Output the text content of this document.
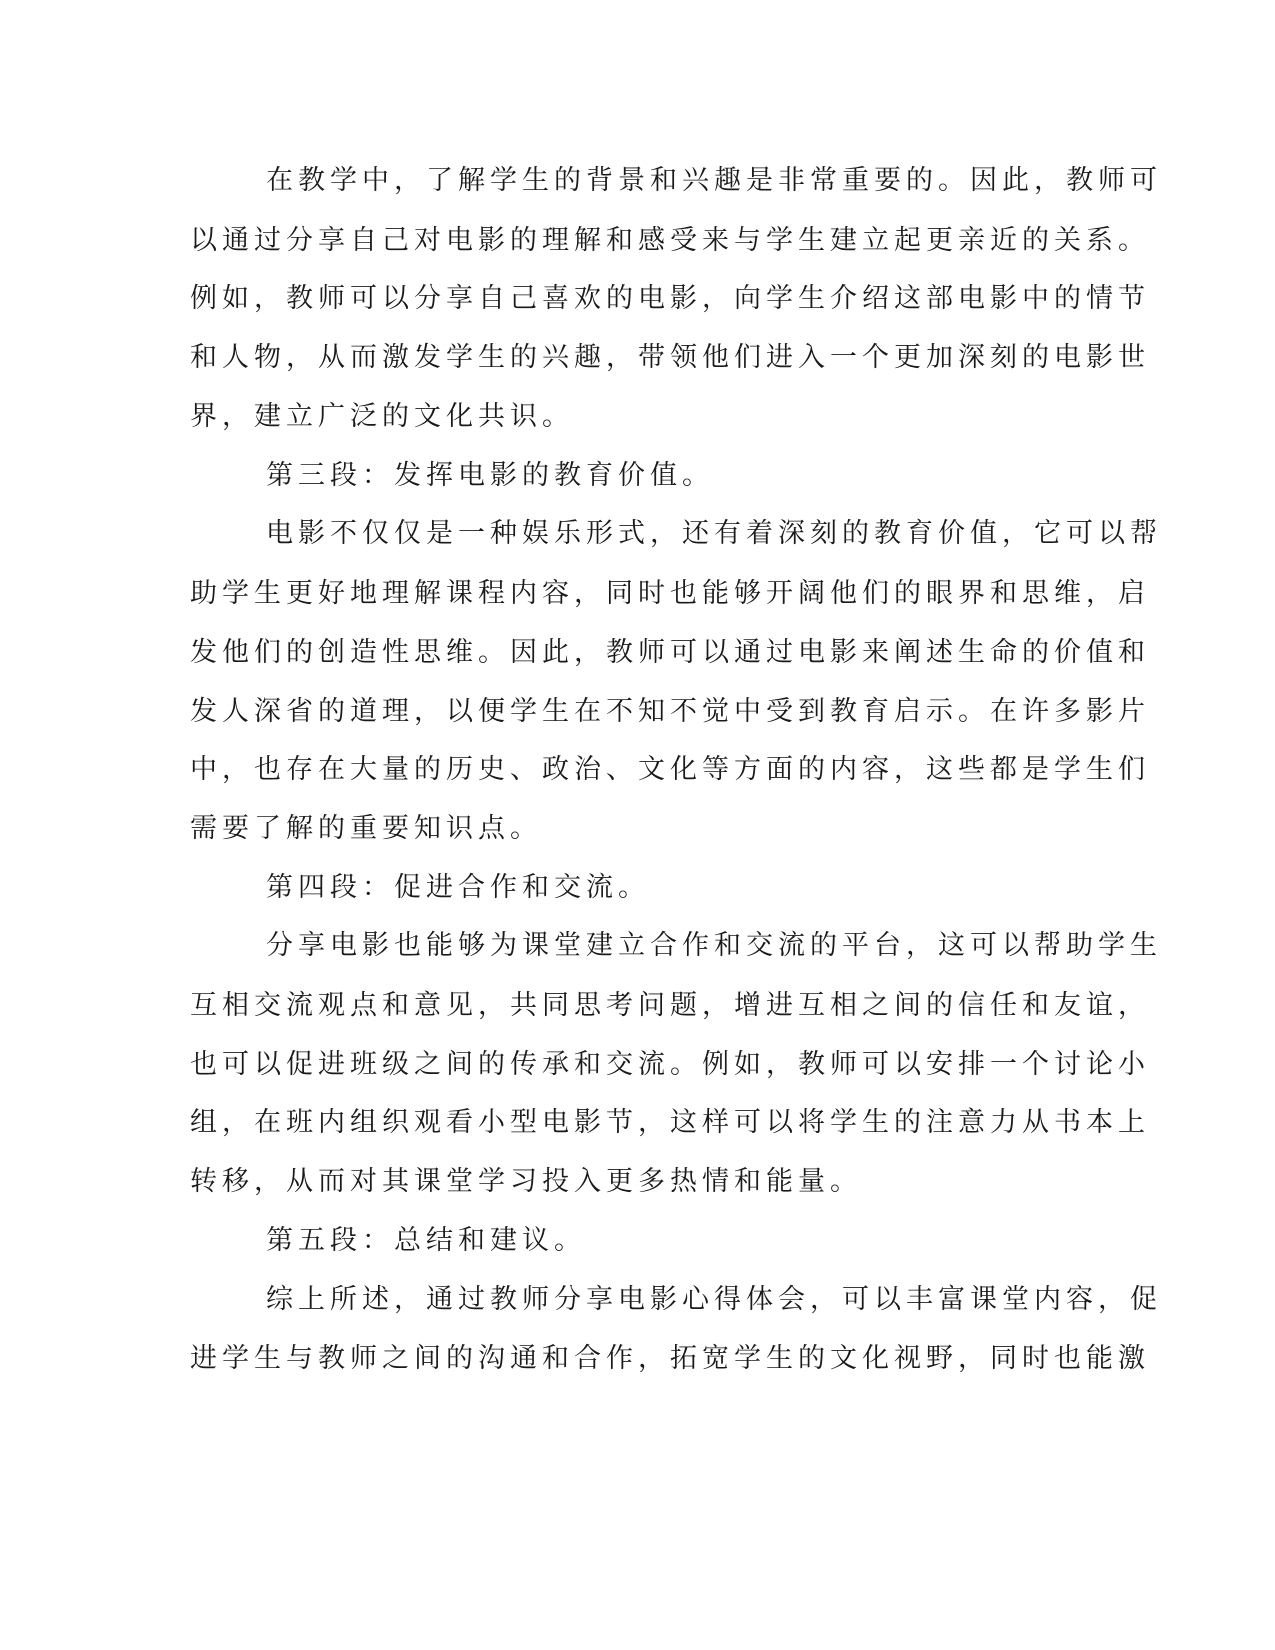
在教学中，了解学生的背景和兴趣是非常重要的。因此，教师可
以通过分享自己对电影的理解和感受来与学生建立起更亲近的关系。
例如，教师可以分享自己喜欢的电影，向学生介绍这部电影中的情节
和人物，从而激发学生的兴趣，带领他们进入一个更加深刻的电影世
界，建立广泛的文化共识。
第三段：发挥电影的教育价值。
电影不仅仅是一种娱乐形式，还有着深刻的教育价值，它可以帮
助学生更好地理解课程内容，同时也能够开阔他们的眼界和思维，启
发他们的创造性思维。因此，教师可以通过电影来阐述生命的价值和
发人深省的道理，以便学生在不知不觉中受到教育启示。在许多影片
中，也存在大量的历史、政治、文化等方面的内容，这些都是学生们
需要了解的重要知识点。
第四段：促进合作和交流。
分享电影也能够为课堂建立合作和交流的平台，这可以帮助学生
互相交流观点和意见，共同思考问题，增进互相之间的信任和友谊，
也可以促进班级之间的传承和交流。例如，教师可以安排一个讨论小
组，在班内组织观看小型电影节，这样可以将学生的注意力从书本上
转移，从而对其课堂学习投入更多热情和能量。
第五段：总结和建议。
综上所述，通过教师分享电影心得体会，可以丰富课堂内容，促
进学生与教师之间的沟通和合作，拓宽学生的文化视野，同时也能激
